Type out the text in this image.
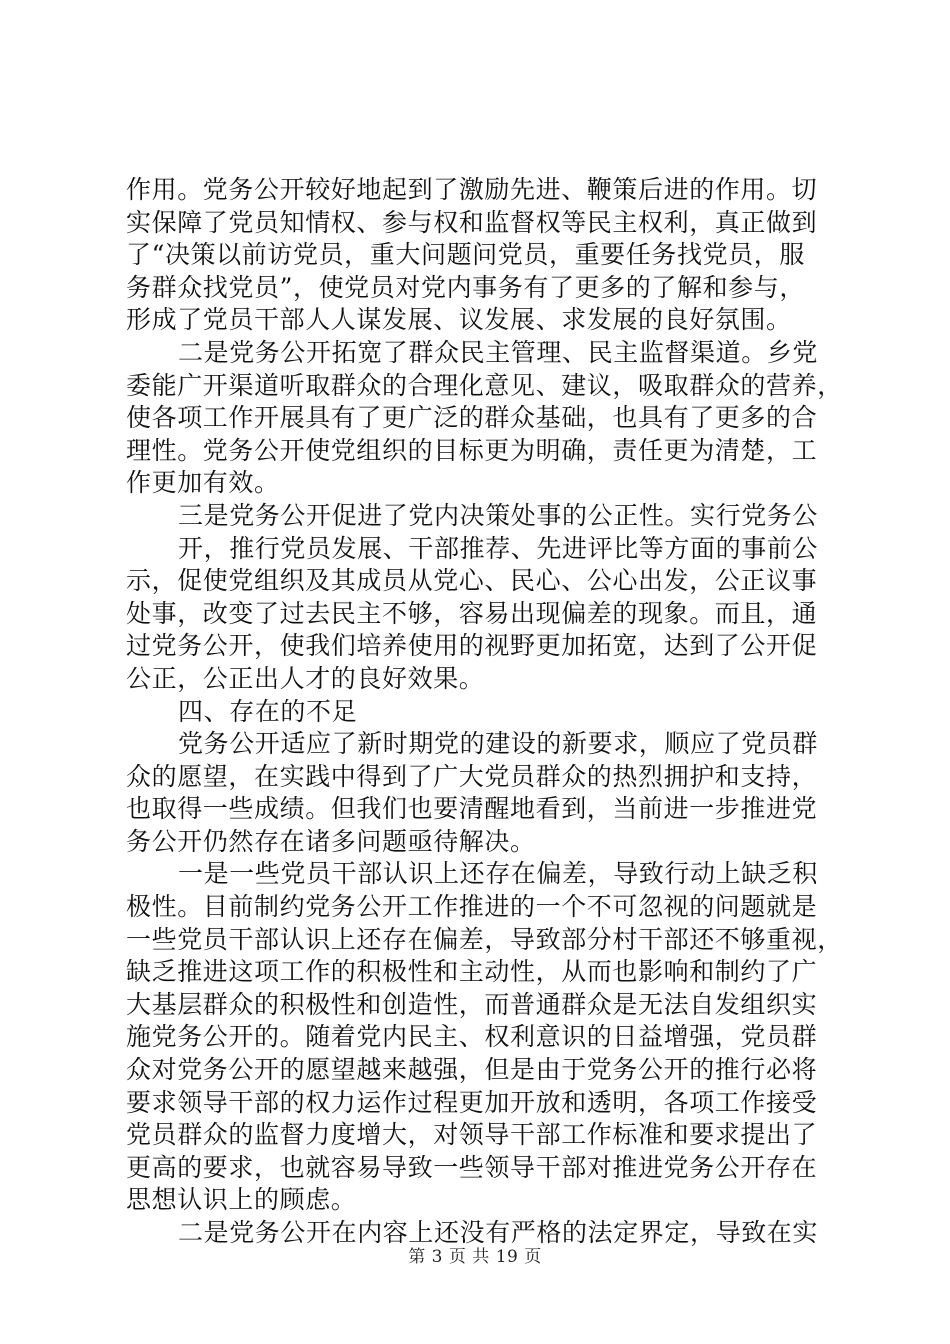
作用。党务公开较好地起到了激励先进、鞭策后进的作用。切
实保障了党员知情权、参与权和监督权等民主权利，真正做到
了“决策以前访党员，重大问题问党员，重要任务找党员，服
务群众找党员”，使党员对党内事务有了更多的了解和参与，
形成了党员干部人人谋发展、议发展、求发展的良好氛围。
二是党务公开拓宽了群众民主管理、民主监督渠道。乡党
委能广开渠道听取群众的合理化意见、建议，吸取群众的营养，
使各项工作开展具有了更广泛的群众基础，也具有了更多的合
理性。党务公开使党组织的目标更为明确，责任更为清楚，工
作更加有效。
三是党务公开促进了党内决策处事的公正性。实行党务公
开，推行党员发展、干部推荐、先进评比等方面的事前公
示，促使党组织及其成员从党心、民心、公心出发，公正议事
处事，改变了过去民主不够，容易出现偏差的现象。而且，通
过党务公开，使我们培养使用的视野更加拓宽，达到了公开促
公正，公正出人才的良好效果。
四、存在的不足
党务公开适应了新时期党的建设的新要求，顺应了党员群
众的愿望，在实践中得到了广大党员群众的热烈拥护和支持，
也取得一些成绩。但我们也要清醒地看到，当前进一步推进党
务公开仍然存在诸多问题亟待解决。
一是一些党员干部认识上还存在偏差，导致行动上缺乏积
极性。目前制约党务公开工作推进的一个不可忽视的问题就是
一些党员干部认识上还存在偏差，导致部分村干部还不够重视，
缺乏推进这项工作的积极性和主动性，从而也影响和制约了广
大基层群众的积极性和创造性，而普通群众是无法自发组织实
施党务公开的。随着党内民主、权利意识的日益增强，党员群
众对党务公开的愿望越来越强，但是由于党务公开的推行必将
要求领导干部的权力运作过程更加开放和透明，各项工作接受
党员群众的监督力度增大，对领导干部工作标准和要求提出了
更高的要求，也就容易导致一些领导干部对推进党务公开存在
思想认识上的顾虑。
二是党务公开在内容上还没有严格的法定界定，导致在实
第 3 页 共 19 页
